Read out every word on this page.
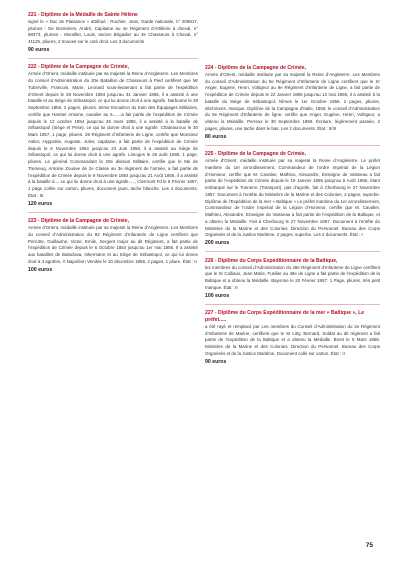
221 - Diplôme de la Médaille de Sainte Hélène
signé le « Duc de Plaisance » attribué : Rouhier, Jean, Garde nationale, n° 208817, plumes - De Bonnières, André, Capitaine au 4e Régiment d’Artillerie à cheval, n° 88373, plumes - Montillet, Louis, ancien Brigadier au 3e Chasseurs à Cheval, n° 41125, pliures, 2 trouves sur le coté droit. Les 3 documents
90 euros
222 - Diplôme de la Campagne de Crimée,
Armée d’Orient, médaille instituée par sa majesté la Reine d’Angleterre. Les Membres du conseil d’Administration du 20e Bataillon de Chasseurs à Pied certifient que Mr Tuberville, Francois, Marie, Leonard sous-lieutenant a fait partie de l’expédition d’Orient depuis le 28 Novembre 1854 jusqu’au 31 Janvier 1855, il a assisté à une bataille et au Siège de Sébastopol, ce qui lui donne droit à une agrafe. Narbonne le 29 Septembre 1856, 2 pages, pliures. 5ème Escadron du train des Équipages Militaires, certifie que Harster Antoine, cavalier au 5.......a fait partie de l’expédition de Crimée depuis le 12 octobre 1854 jusqu’au 26 mars 1855, il a assisté à la bataille de Sébastopol (Siège et Prise), ce qui lui donne droit à une agrafe. Chateauroux le 30 Mars 1857, 1 page, pliures. 28 Régiment d’Infanterie de Ligne, certifie que Monsieur Astier, Hyppolite, Auguste, Jules, capitaine, a fait partie de l’expédition de Crimée depuis le 6 Novembre 1854 jusqu’au 23 Juin 1856, il a assisté au Siège de Sébastopol, ce qui lui donne droit à une agrafe, Limoges le 25 août 1856, 1 page, pliures. Le général Commandant la 20e division Militaire, certifie que le Me de Tremeuq, Antoine Zouave de 2e Classe au 3e régiment de l’armée, a fait partie de l’expédition de Crimée depuis le 9 Novembre 1854 jusqu’au 21 Août 1855, il a assisté à la bataille d.....ce qui lui donne droit à une agrafe....., Clermont Fd le 6 Février 1857, 1 page collée sur carton, pliures, document jauni, tache blanche. Les 4 documents. État : III
120 euros
223 - Diplôme de la Campagne de Crimée,
Armée d’Orient, médaille instituée par sa majesté la Reine d’Angleterre. Les Membres du conseil d’Administration du 82 Régiment d’Infanterie de Ligne certifient que Perrotte, Guillaume, Victor, Emile, Sergent major au dit Régiment, a fait partie de l’expédition de Crimée depuis le 6 Octobre 1854 jusqu’au 1er mai 1856. Il a assisté aux batailles de Balaclava, Inkermann et au Siège de Sébastopol, ce qui lui donne droit à 3 agrafes. À Napoléon Vendée le 10 décembre 1856, 2 pages, 1 pliure. État : II
100 euros
224 - Diplôme de la Campagne de Crimée,
Armée d’Orient, médaille instituée par sa majesté la Reine d’Angleterre. Les Membres du conseil d’Administration du 9e Régiment d’Infanterie de Ligne certifient que le Sr Anger, Eugene, Henri, Voltigeur au 9e Régiment d’Infanterie de Ligne, a fait partie de l’expédition de Crimée depuis le 22 Janvier 1855 jusqu’au 12 mai 1856, il a assisté à la bataille du Siège de Sébastopol, Nîmes le 1er Octobre 1856. 2 pages, pliures, déchirures, manque. Diplôme de la Campagne d’Italie, 1859, le conseil d’Administration du 9e Régiment d’Infanterie de ligne, certifie que Anger, Eugène, Henri, Voltigeur, a obtenu la Médaille. Perreux le 30 Septembre 1859. Écriture, légèrement passée, 2 pages, pliures, une tache dans le bas. Les 2 documents. État : II/III
80 euros
225 - Diplôme de la Campagne de Crimée,
Armée d’Orient, médaille instituée par sa majesté la Reine d’Angleterre. Le préfet maritime du 1er arrondissement, Commandeur de l’ordre Impérial de la Légion d’Honneur, certifie que M. Cavalier, Mathieu, Alexandre, Enseigne de Vaisseau a fait partie de l’expédition de Crimée depuis le 19 Janvier 1855 jusqu’au 5 Août 1855, étant embarqué sur le Tonnerre (Transport), pas d’agrafe, fait à Cherbourg le 27 Novembre 1857. Document à l’entête du Ministère de la Marine et des Colonies, 2 pages, superbe. Diplôme de l’Expédition de la mer « Baltique » Le préfet maritime du 1er arrondissement, Commandeur de l’ordre Impérial de la Légion d’Honneur, certifie que M. Cavalier, Mathieu, Alexandre, Enseigne de Vaisseau a fait partie de l’expédition de la Baltique, et a obtenu la Médaille. Fait à Cherbourg le 27 Novembre 1857. Document à l’entête du Ministère de la Marine et des Colonies. Direction du Personnel. Bureau des Corps Organisés et de la Justice Maritime. 2 pages, superbe. Les 2 documents. État : I
200 euros
226 - Diplôme du Corps Expéditionnaire de la Baltique,
les membres du conseil d’Administration du 48e Régiment d’Infanterie de Ligne certifient que le Sr Colliaux, Jean Marie, Fusilier au 48e de Ligne a fait partie de l’expédition de la Baltique et a obtenu la Médaille. Bayonne le 20 Février 1857. 1 Page, pliures, très petit manque. État : II
100 euros
227 - Diplôme du Corps Expéditionnaire de la mer « Baltique », Le préfet.....
a été rayé et remplacé par Les membres du Conseil d’Administration du 2e Régiment d’Infanterie de Marine, certifient que le Sr Litty, Bernard, Soldat au dit régiment a fait partie de l’expédition de la Baltique et a obtenu la Médaille. Brest le 5 Mars 1858. Ministère de la Marine et des Colonies. Direction du Personnel. Bureau des Corps Organisés et de la Justice Maritime. Document collé sur carton. État : II
90 euros
75
